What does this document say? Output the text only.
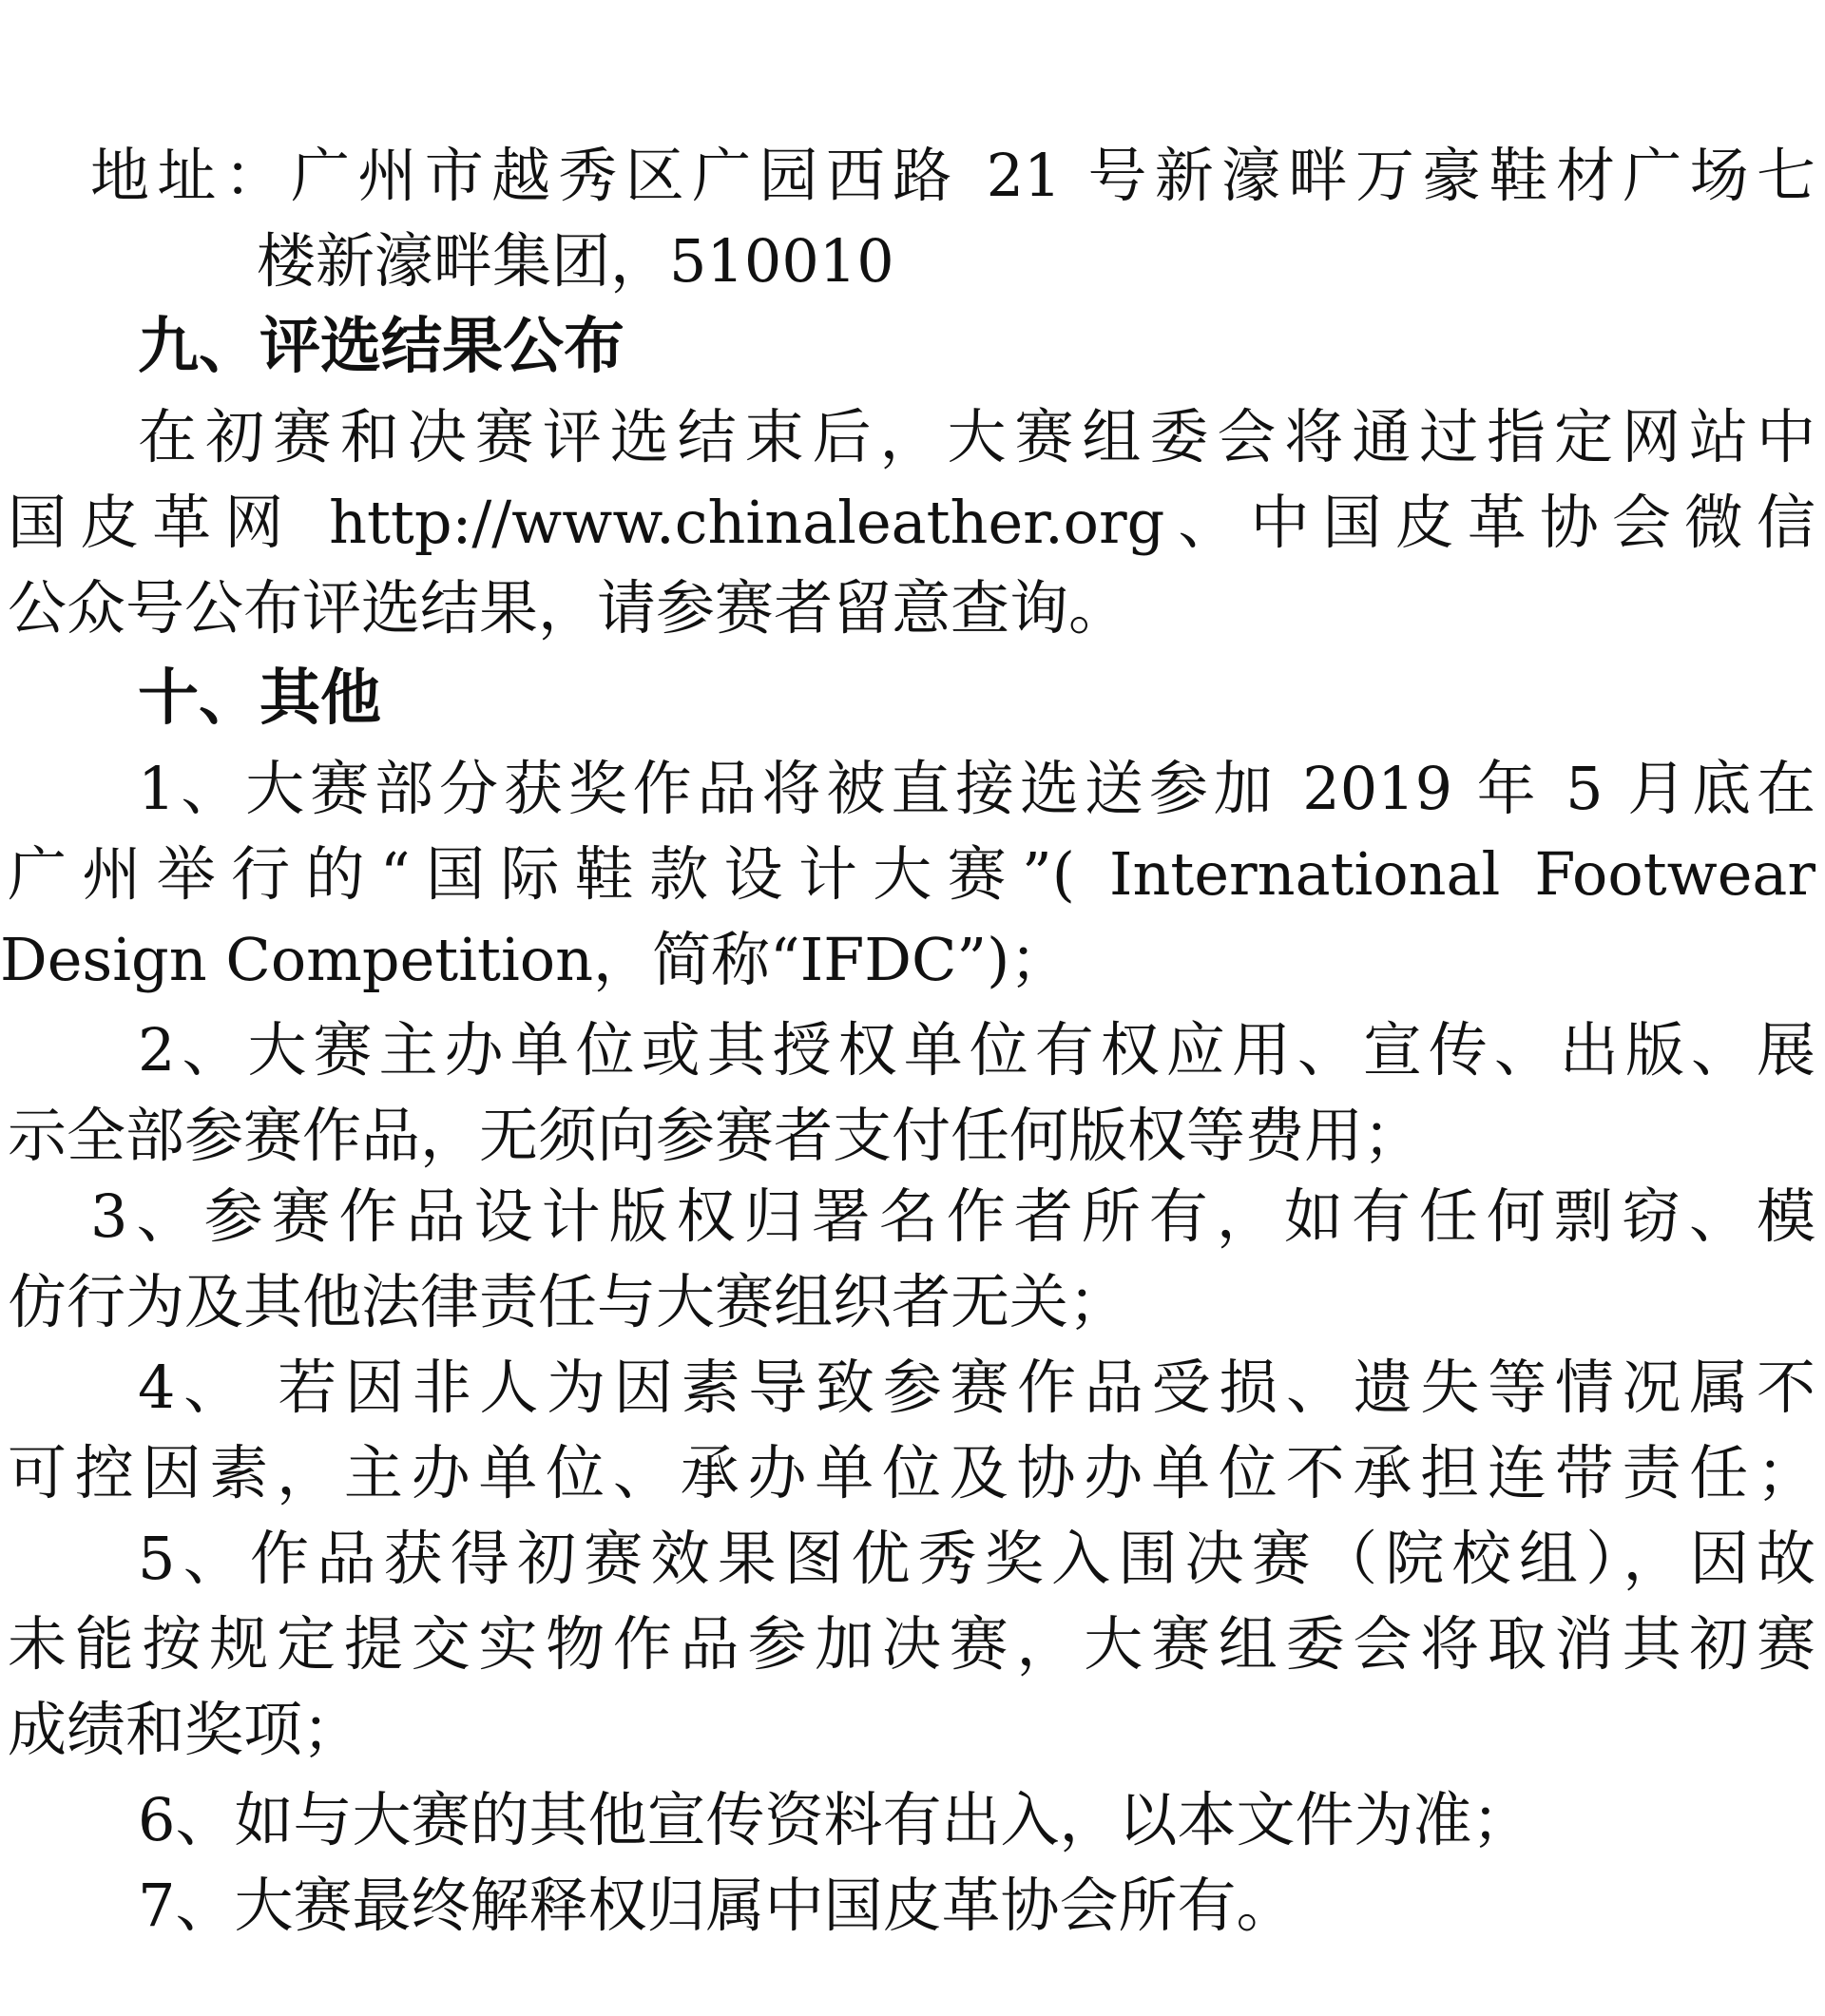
地址：广州市越秀区广园西路 21 号新濠畔万豪鞋材广场七
楼新濠畔集团，510010
九、评选结果公布
在初赛和决赛评选结束后，大赛组委会将通过指定网站中
国皮革网 http://www.chinaleather.org、中国皮革协会微信
公众号公布评选结果，请参赛者留意查询。
十、其他
1、大赛部分获奖作品将被直接选送参加 2019 年 5 月底在
广州举行的“国际鞋款设计大赛”( International Footwear
Design Competition，简称“IFDC”)；
2、大赛主办单位或其授权单位有权应用、宣传、出版、展
示全部参赛作品，无须向参赛者支付任何版权等费用；
3、参赛作品设计版权归署名作者所有，如有任何剽窃、模
仿行为及其他法律责任与大赛组织者无关；
4、 若因非人为因素导致参赛作品受损、遗失等情况属不
可控因素，主办单位、承办单位及协办单位不承担连带责任；
5、作品获得初赛效果图优秀奖入围决赛（院校组），因故
未能按规定提交实物作品参加决赛，大赛组委会将取消其初赛
成绩和奖项；
6、如与大赛的其他宣传资料有出入，以本文件为准；
7、大赛最终解释权归属中国皮革协会所有。
